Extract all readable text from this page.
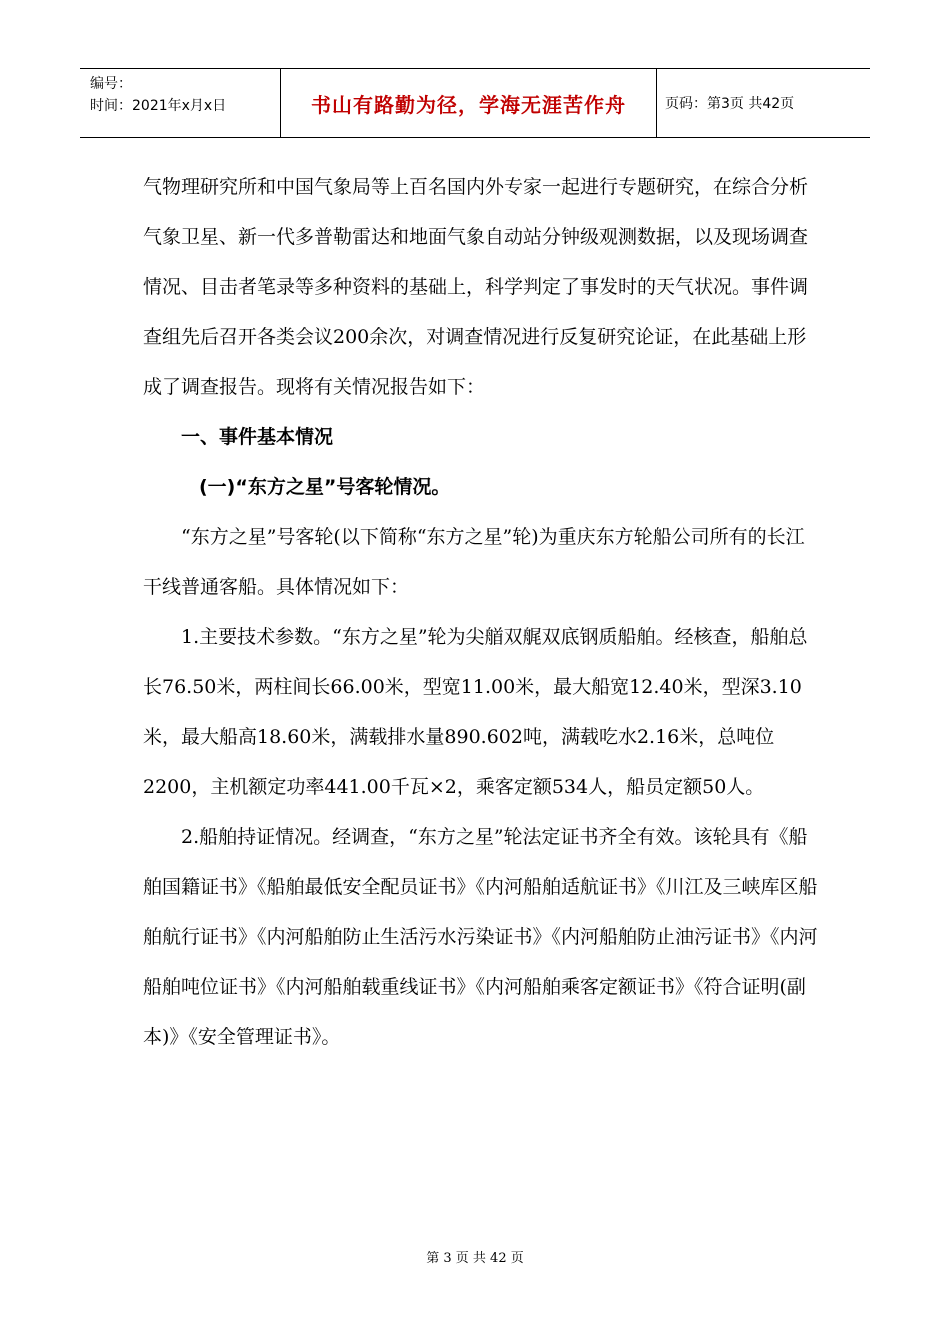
编号：
时间：2021年x月x日	书山有路勤为径，学海无涯苦作舟	页码：第3页 共42页

气物理研究所和中国气象局等上百名国内外专家一起进行专题研究，在综合分析气象卫星、新一代多普勒雷达和地面气象自动站分钟级观测数据，以及现场调查情况、目击者笔录等多种资料的基础上，科学判定了事发时的天气状况。事件调查组先后召开各类会议200余次，对调查情况进行反复研究论证，在此基础上形成了调查报告。现将有关情况报告如下：

一、事件基本情况

(一)“东方之星”号客轮情况。

“东方之星”号客轮(以下简称“东方之星”轮)为重庆东方轮船公司所有的长江干线普通客船。具体情况如下：

1.主要技术参数。“东方之星”轮为尖艏双艉双底钢质船舶。经核查，船舶总长76.50米，两柱间长66.00米，型宽11.00米，最大船宽12.40米，型深3.10米，最大船高18.60米，满载排水量890.602吨，满载吃水2.16米，总吨位2200，主机额定功率441.00千瓦×2，乘客定额534人，船员定额50人。

2.船舶持证情况。经调查，“东方之星”轮法定证书齐全有效。该轮具有《船舶国籍证书》《船舶最低安全配员证书》《内河船舶适航证书》《川江及三峡库区船舶航行证书》《内河船舶防止生活污水污染证书》《内河船舶防止油污证书》《内河船舶吨位证书》《内河船舶载重线证书》《内河船舶乘客定额证书》《符合证明(副本)》《安全管理证书》。

第 3 页 共 42 页
